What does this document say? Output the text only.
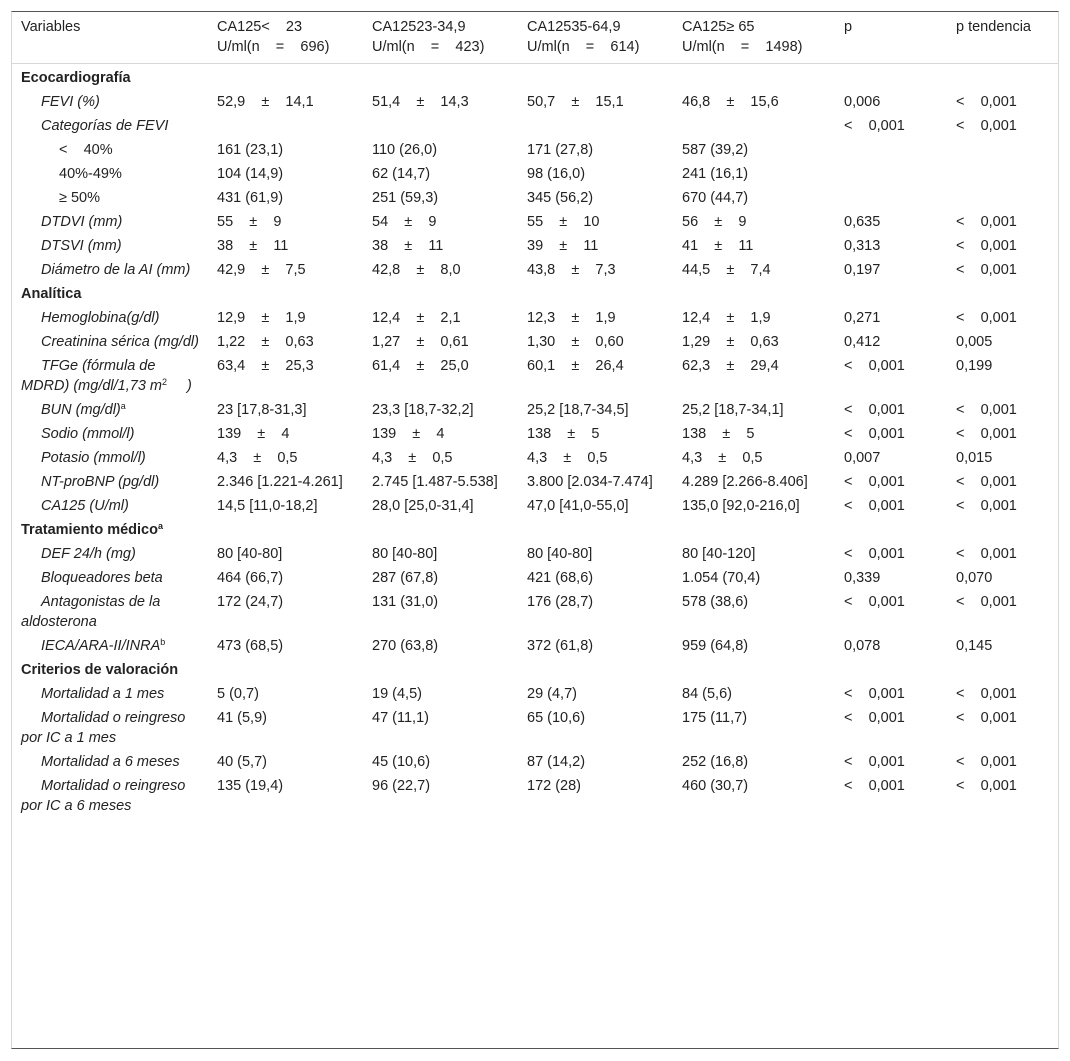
Variables	CA125<    23 U/ml(n    =    696)	CA12523-34,9 U/ml(n    =    423)	CA12535-64,9 U/ml(n    =    614)	CA125≥ 65 U/ml(n    =    1498)	p	p tendencia
Ecocardiografía						
FEVI (%)	52,9    ±    14,1	51,4    ±    14,3	50,7    ±    15,1	46,8    ±    15,6	0,006	<    0,001
Categorías de FEVI					<    0,001	<    0,001
<    40%	161 (23,1)	110 (26,0)	171 (27,8)	587 (39,2)		
40%-49%	104 (14,9)	62 (14,7)	98 (16,0)	241 (16,1)		
≥ 50%	431 (61,9)	251 (59,3)	345 (56,2)	670 (44,7)		
DTDVI (mm)	55    ±    9	54    ±    9	55    ±    10	56    ±    9	0,635	<    0,001
DTSVI (mm)	38    ±    11	38    ±    11	39    ±    11	41    ±    11	0,313	<    0,001
Diámetro de la AI (mm)	42,9    ±    7,5	42,8    ±    8,0	43,8    ±    7,3	44,5    ±    7,4	0,197	<    0,001
Analítica						
Hemoglobina(g/dl)	12,9    ±    1,9	12,4    ±    2,1	12,3    ±    1,9	12,4    ±    1,9	0,271	<    0,001
Creatinina sérica (mg/dl)	1,22    ±    0,63	1,27    ±    0,61	1,30    ±    0,60	1,29    ±    0,63	0,412	0,005
TFGe (fórmula de MDRD) (mg/dl/1,73 $m^2$ )	63,4    ±    25,3	61,4    ±    25,0	60,1    ±    26,4	62,3    ±    29,4	<    0,001	0,199
BUN $(mg/dl)^a$	23 [17,8-31,3]	23,3 [18,7-32,2]	25,2 [18,7-34,5]	25,2 [18,7-34,1]	<    0,001	<    0,001
Sodio (mmol/l)	139    ±    4	139    ±    4	138    ±    5	138    ±    5	<    0,001	<    0,001
Potasio (mmol/l)	4,3    ±    0,5	4,3    ±    0,5	4,3    ±    0,5	4,3    ±    0,5	0,007	0,015
NT-proBNP (pg/dl)	2.346 [1.221-4.261]	2.745 [1.487-5.538]	3.800 [2.034-7.474]	4.289 [2.266-8.406]	<    0,001	<    0,001
CA125 (U/ml)	14,5 [11,0-18,2]	28,0 [25,0-31,4]	47,0 [41,0-55,0]	135,0 [92,0-216,0]	<    0,001	<    0,001
Tratamiento médico$^a$
DEF 24/h (mg)	80 [40-80]	80 [40-80]	80 [40-80]	80 [40-120]	<    0,001	<    0,001
Bloqueadores beta	464 (66,7)	287 (67,8)	421 (68,6)	1.054 (70,4)	0,339	0,070
Antagonistas de la aldosterona	172 (24,7)	131 (31,0)	176 (28,7)	578 (38,6)	<    0,001	<    0,001
IECA/ARA-II/INRA$^b$	473 (68,5)	270 (63,8)	372 (61,8)	959 (64,8)	0,078	0,145
Criterios de valoración						
Mortalidad a 1 mes	5 (0,7)	19 (4,5)	29 (4,7)	84 (5,6)	<    0,001	<    0,001
Mortalidad o reingreso por IC a 1 mes	41 (5,9)	47 (11,1)	65 (10,6)	175 (11,7)	<    0,001	<    0,001
Mortalidad a 6 meses	40 (5,7)	45 (10,6)	87 (14,2)	252 (16,8)	<    0,001	<    0,001
Mortalidad o reingreso por IC a 6 meses	135 (19,4)	96 (22,7)	172 (28)	460 (30,7)	<    0,001	<    0,001
